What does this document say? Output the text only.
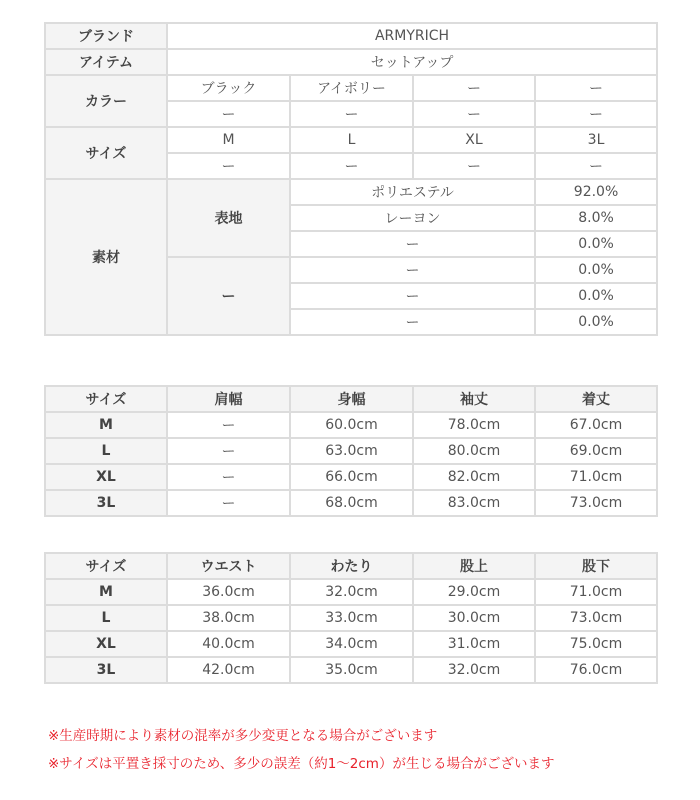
ブランド	ARMYRICH			
アイテム	セットアップ			
カラー	ブラック	アイボリー	ー	ー
	ー	ー	ー	ー
サイズ	M	L	XL	3L
	ー	ー	ー	ー
素材	表地	ポリエステル		92.0%
		レーヨン		8.0%
		ー		0.0%
	ー	ー		0.0%
		ー		0.0%
		ー		0.0%
サイズ	肩幅	身幅	袖丈	着丈
M	ー	60.0cm	78.0cm	67.0cm
L	ー	63.0cm	80.0cm	69.0cm
XL	ー	66.0cm	82.0cm	71.0cm
3L	ー	68.0cm	83.0cm	73.0cm
サイズ	ウエスト	わたり	股上	股下
M	36.0cm	32.0cm	29.0cm	71.0cm
L	38.0cm	33.0cm	30.0cm	73.0cm
XL	40.0cm	34.0cm	31.0cm	75.0cm
3L	42.0cm	35.0cm	32.0cm	76.0cm
※生産時期により素材の混率が多少変更となる場合がございます
※サイズは平置き採寸のため、多少の誤差（約1～2cm）が生じる場合がございます
